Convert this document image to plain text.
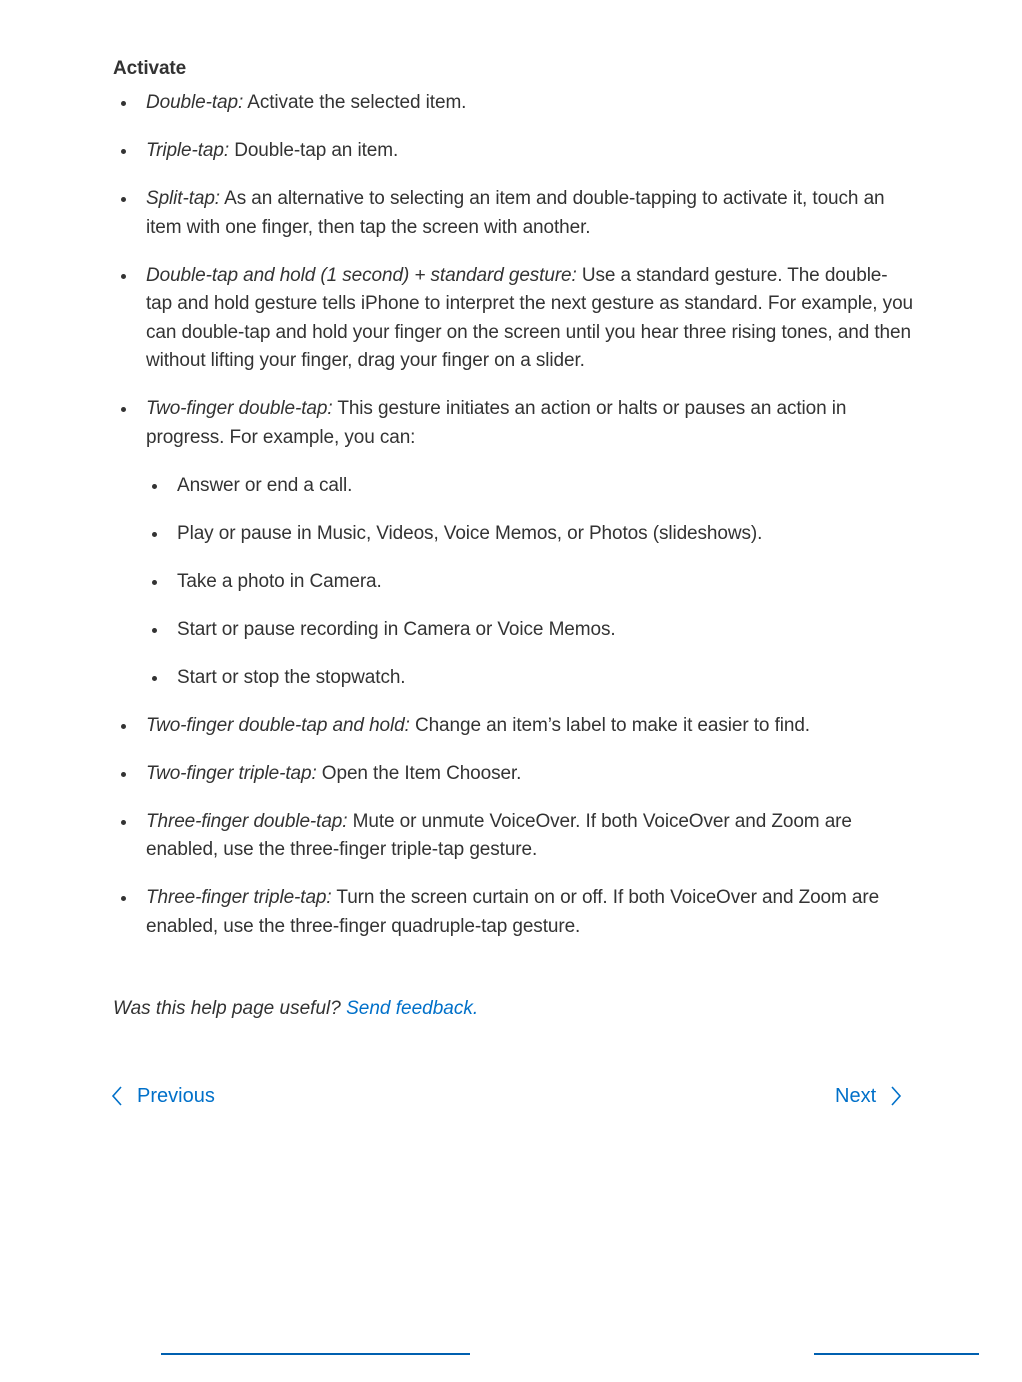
Activate
Double-tap: Activate the selected item.
Triple-tap: Double-tap an item.
Split-tap: As an alternative to selecting an item and double-tapping to activate it, touch an item with one finger, then tap the screen with another.
Double-tap and hold (1 second) + standard gesture: Use a standard gesture. The double-tap and hold gesture tells iPhone to interpret the next gesture as standard. For example, you can double-tap and hold your finger on the screen until you hear three rising tones, and then without lifting your finger, drag your finger on a slider.
Two-finger double-tap: This gesture initiates an action or halts or pauses an action in progress. For example, you can:
Answer or end a call.
Play or pause in Music, Videos, Voice Memos, or Photos (slideshows).
Take a photo in Camera.
Start or pause recording in Camera or Voice Memos.
Start or stop the stopwatch.
Two-finger double-tap and hold: Change an item’s label to make it easier to find.
Two-finger triple-tap: Open the Item Chooser.
Three-finger double-tap: Mute or unmute VoiceOver. If both VoiceOver and Zoom are enabled, use the three-finger triple-tap gesture.
Three-finger triple-tap: Turn the screen curtain on or off. If both VoiceOver and Zoom are enabled, use the three-finger quadruple-tap gesture.
Was this help page useful? Send feedback.
Previous	Next
